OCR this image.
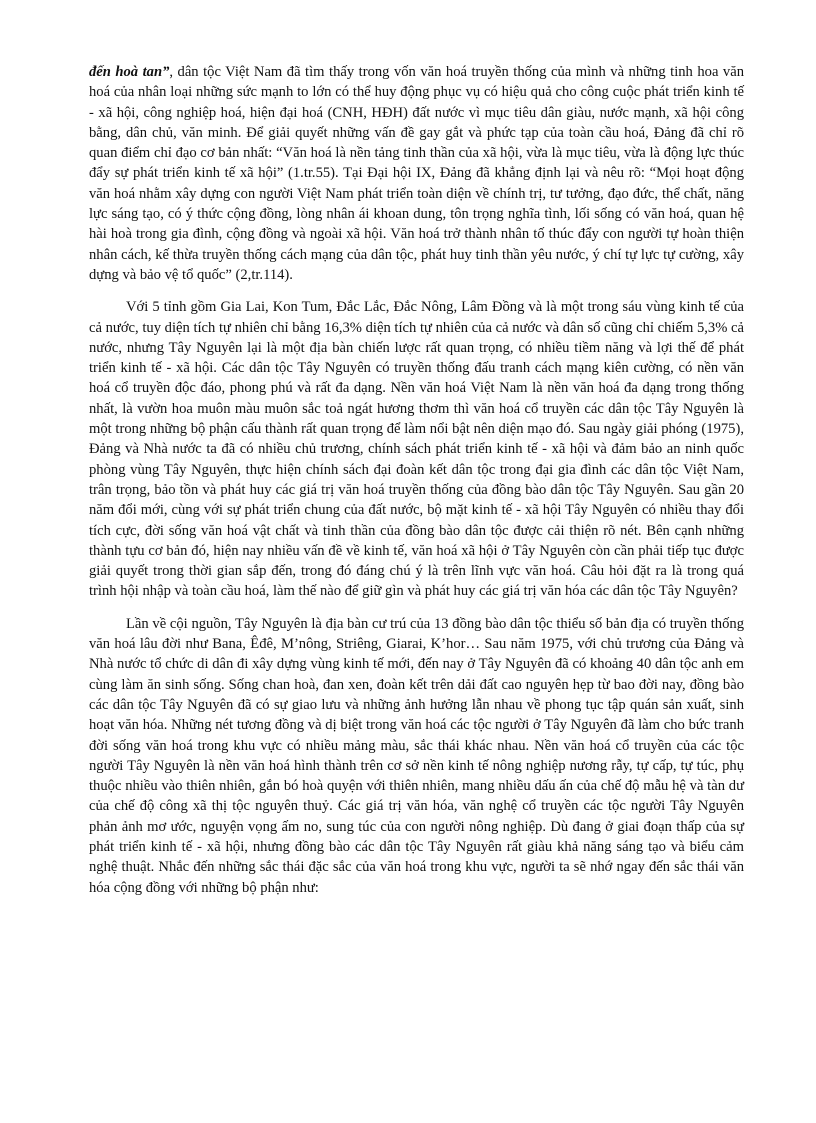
đến hoà tan”, dân tộc Việt Nam đã tìm thấy trong vốn văn hoá truyền thống của mình và những tinh hoa văn hoá của nhân loại những sức mạnh to lớn có thể huy động phục vụ có hiệu quả cho công cuộc phát triển kinh tế - xã hội, công nghiệp hoá, hiện đại hoá (CNH, HĐH) đất nước vì mục tiêu dân giàu, nước mạnh, xã hội công bằng, dân chủ, văn minh. Để giải quyết những vấn đề gay gắt và phức tạp của toàn cầu hoá, Đảng đã chỉ rõ quan điểm chỉ đạo cơ bản nhất: “Văn hoá là nền tảng tinh thần của xã hội, vừa là mục tiêu, vừa là động lực thúc đẩy sự phát triển kinh tế xã hội” (1.tr.55). Tại Đại hội IX, Đảng đã khẳng định lại và nêu rõ: “Mọi hoạt động văn hoá nhằm xây dựng con người Việt Nam phát triển toàn diện về chính trị, tư tưởng, đạo đức, thể chất, năng lực sáng tạo, có ý thức cộng đồng, lòng nhân ái khoan dung, tôn trọng nghĩa tình, lối sống có văn hoá, quan hệ hài hoà trong gia đình, cộng đồng và ngoài xã hội. Văn hoá trở thành nhân tố thúc đẩy con người tự hoàn thiện nhân cách, kế thừa truyền thống cách mạng của dân tộc, phát huy tinh thần yêu nước, ý chí tự lực tự cường, xây dựng và bảo vệ tổ quốc” (2,tr.114).

Với 5 tỉnh gồm Gia Lai, Kon Tum, Đắc Lắc, Đắc Nông, Lâm Đồng và là một trong sáu vùng kinh tế của cả nước, tuy diện tích tự nhiên chỉ bằng 16,3% diện tích tự nhiên của cả nước và dân số cũng chỉ chiếm 5,3% cả nước, nhưng Tây Nguyên lại là một địa bàn chiến lược rất quan trọng, có nhiều tiềm năng và lợi thế để phát triển kinh tế - xã hội. Các dân tộc Tây Nguyên có truyền thống đấu tranh cách mạng kiên cường, có nền văn hoá cổ truyền độc đáo, phong phú và rất đa dạng. Nền văn hoá Việt Nam là nền văn hoá đa dạng trong thống nhất, là vườn hoa muôn màu muôn sắc toả ngát hương thơm thì văn hoá cổ truyền các dân tộc Tây Nguyên là một trong những bộ phận cấu thành rất quan trọng để làm nổi bật nên diện mạo đó. Sau ngày giải phóng (1975), Đảng và Nhà nước ta đã có nhiều chủ trương, chính sách phát triển kinh tế - xã hội và đảm bảo an ninh quốc phòng vùng Tây Nguyên, thực hiện chính sách đại đoàn kết dân tộc trong đại gia đình các dân tộc Việt Nam, trân trọng, bảo tồn và phát huy các giá trị văn hoá truyền thống của đồng bào dân tộc Tây Nguyên. Sau gần 20 năm đổi mới, cùng với sự phát triển chung của đất nước, bộ mặt kinh tế - xã hội Tây Nguyên có nhiều thay đổi tích cực, đời sống văn hoá vật chất và tinh thần của đồng bào dân tộc được cải thiện rõ nét. Bên cạnh những thành tựu cơ bản đó, hiện nay nhiều vấn đề về kinh tế, văn hoá xã hội ở Tây Nguyên còn cần phải tiếp tục được giải quyết trong thời gian sắp đến, trong đó đáng chú ý là trên lĩnh vực văn hoá. Câu hỏi đặt ra là trong quá trình hội nhập và toàn cầu hoá, làm thế nào để giữ gìn và phát huy các giá trị văn hóa các dân tộc Tây Nguyên?

Lần về cội nguồn, Tây Nguyên là địa bàn cư trú của 13 đồng bào dân tộc thiểu số bản địa có truyền thống văn hoá lâu đời như Bana, Êđê, M’nông, Striêng, Giarai, K’hor… Sau năm 1975, với chủ trương của Đảng và Nhà nước tổ chức di dân đi xây dựng vùng kinh tế mới, đến nay ở Tây Nguyên đã có khoảng 40 dân tộc anh em cùng làm ăn sinh sống. Sống chan hoà, đan xen, đoàn kết trên dải đất cao nguyên hẹp từ bao đời nay, đồng bào các dân tộc Tây Nguyên đã có sự giao lưu và những ảnh hưởng lẫn nhau về phong tục tập quán sản xuất, sinh hoạt văn hóa. Những nét tương đồng và dị biệt trong văn hoá các tộc người ở Tây Nguyên đã làm cho bức tranh đời sống văn hoá trong khu vực có nhiều mảng màu, sắc thái khác nhau. Nền văn hoá cổ truyền của các tộc người Tây Nguyên là nền văn hoá hình thành trên cơ sở nền kinh tế nông nghiệp nương rẫy, tự cấp, tự túc, phụ thuộc nhiều vào thiên nhiên, gắn bó hoà quyện với thiên nhiên, mang nhiều dấu ấn của chế độ mẫu hệ và tàn dư của chế độ công xã thị tộc nguyên thuỷ. Các giá trị văn hóa, văn nghệ cổ truyền các tộc người Tây Nguyên phản ảnh mơ ước, nguyện vọng ấm no, sung túc của con người nông nghiệp. Dù đang ở giai đoạn thấp của sự phát triển kinh tế - xã hội, nhưng đồng bào các dân tộc Tây Nguyên rất giàu khả năng sáng tạo và biểu cảm nghệ thuật. Nhắc đến những sắc thái đặc sắc của văn hoá trong khu vực, người ta sẽ nhớ ngay đến sắc thái văn hóa cộng đồng với những bộ phận như:
